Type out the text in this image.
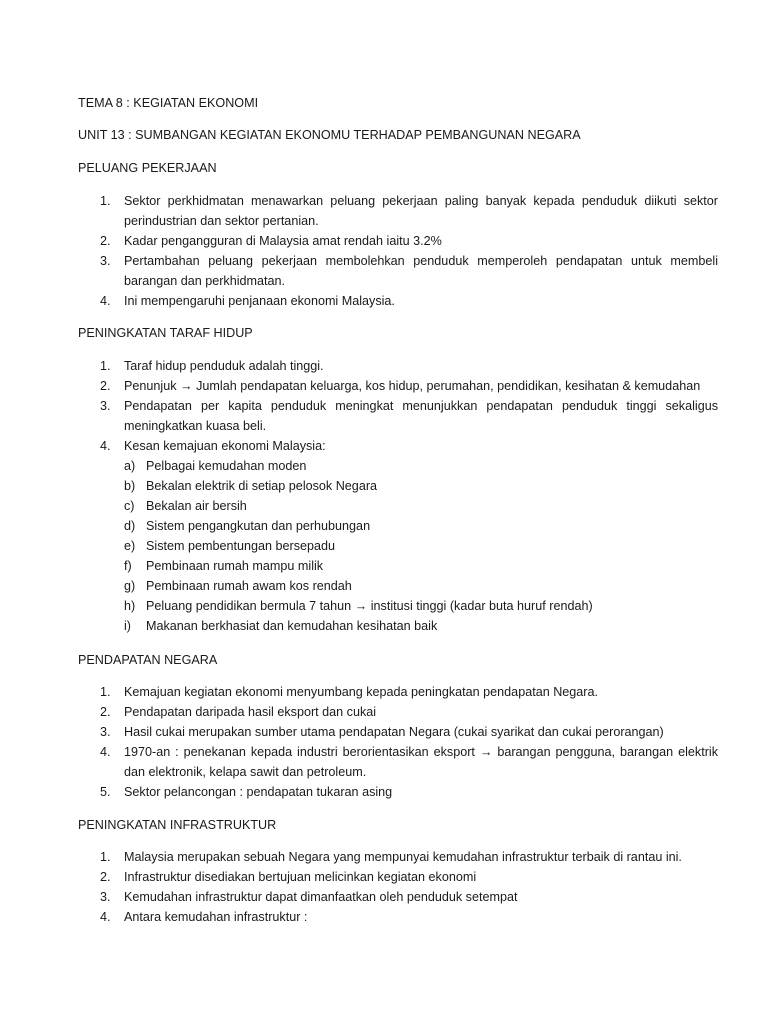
TEMA 8 : KEGIATAN EKONOMI
UNIT 13 : SUMBANGAN KEGIATAN EKONOMU TERHADAP PEMBANGUNAN NEGARA
PELUANG PEKERJAAN
1. Sektor perkhidmatan menawarkan peluang pekerjaan paling banyak kepada penduduk diikuti sektor perindustrian dan sektor pertanian.
2. Kadar pengangguran di Malaysia amat rendah iaitu 3.2%
3. Pertambahan peluang pekerjaan membolehkan penduduk memperoleh pendapatan untuk membeli barangan dan perkhidmatan.
4. Ini mempengaruhi penjanaan ekonomi Malaysia.
PENINGKATAN TARAF HIDUP
1. Taraf hidup penduduk adalah tinggi.
2. Penunjuk → Jumlah pendapatan keluarga, kos hidup, perumahan, pendidikan, kesihatan & kemudahan
3. Pendapatan per kapita penduduk meningkat menunjukkan pendapatan penduduk tinggi sekaligus meningkatkan kuasa beli.
4. Kesan kemajuan ekonomi Malaysia:
a) Pelbagai kemudahan moden
b) Bekalan elektrik di setiap pelosok Negara
c) Bekalan air bersih
d) Sistem pengangkutan dan perhubungan
e) Sistem pembentungan bersepadu
f) Pembinaan rumah mampu milik
g) Pembinaan rumah awam kos rendah
h) Peluang pendidikan bermula 7 tahun → institusi tinggi (kadar buta huruf rendah)
i) Makanan berkhasiat dan kemudahan kesihatan baik
PENDAPATAN NEGARA
1. Kemajuan kegiatan ekonomi menyumbang kepada peningkatan pendapatan Negara.
2. Pendapatan daripada hasil eksport dan cukai
3. Hasil cukai merupakan sumber utama pendapatan Negara (cukai syarikat dan cukai perorangan)
4. 1970-an : penekanan kepada industri berorientasikan eksport → barangan pengguna, barangan elektrik dan elektronik, kelapa sawit dan petroleum.
5. Sektor pelancongan : pendapatan tukaran asing
PENINGKATAN INFRASTRUKTUR
1. Malaysia merupakan sebuah Negara yang mempunyai kemudahan infrastruktur terbaik di rantau ini.
2. Infrastruktur disediakan bertujuan melicinkan kegiatan ekonomi
3. Kemudahan infrastruktur dapat dimanfaatkan oleh penduduk setempat
4. Antara kemudahan infrastruktur :
